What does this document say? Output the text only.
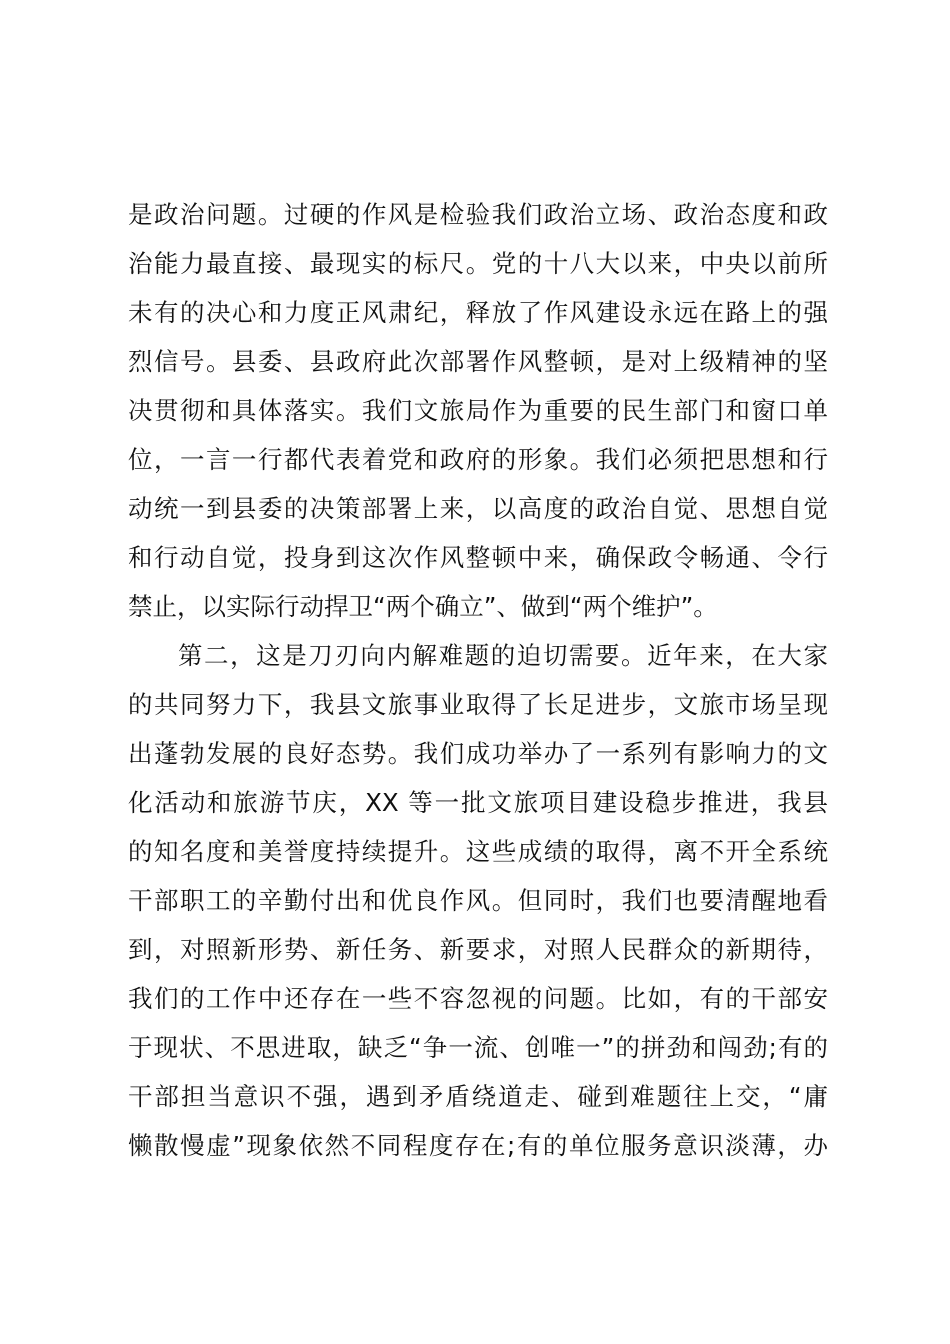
是政治问题。过硬的作风是检验我们政治立场、政治态度和政
治能力最直接、最现实的标尺。党的十八大以来，中央以前所
未有的决心和力度正风肃纪，释放了作风建设永远在路上的强
烈信号。县委、县政府此次部署作风整顿，是对上级精神的坚
决贯彻和具体落实。我们文旅局作为重要的民生部门和窗口单
位，一言一行都代表着党和政府的形象。我们必须把思想和行
动统一到县委的决策部署上来，以高度的政治自觉、思想自觉
和行动自觉，投身到这次作风整顿中来，确保政令畅通、令行
禁止，以实际行动捍卫“两个确立”、做到“两个维护”。
第二，这是刀刃向内解难题的迫切需要。近年来，在大家
的共同努力下，我县文旅事业取得了长足进步，文旅市场呈现
出蓬勃发展的良好态势。我们成功举办了一系列有影响力的文
化活动和旅游节庆，XX 等一批文旅项目建设稳步推进，我县
的知名度和美誉度持续提升。这些成绩的取得，离不开全系统
干部职工的辛勤付出和优良作风。但同时，我们也要清醒地看
到，对照新形势、新任务、新要求，对照人民群众的新期待，
我们的工作中还存在一些不容忽视的问题。比如，有的干部安
于现状、不思进取，缺乏“争一流、创唯一”的拼劲和闯劲;有的
干部担当意识不强，遇到矛盾绕道走、碰到难题往上交，“庸
懒散慢虚”现象依然不同程度存在;有的单位服务意识淡薄，办
